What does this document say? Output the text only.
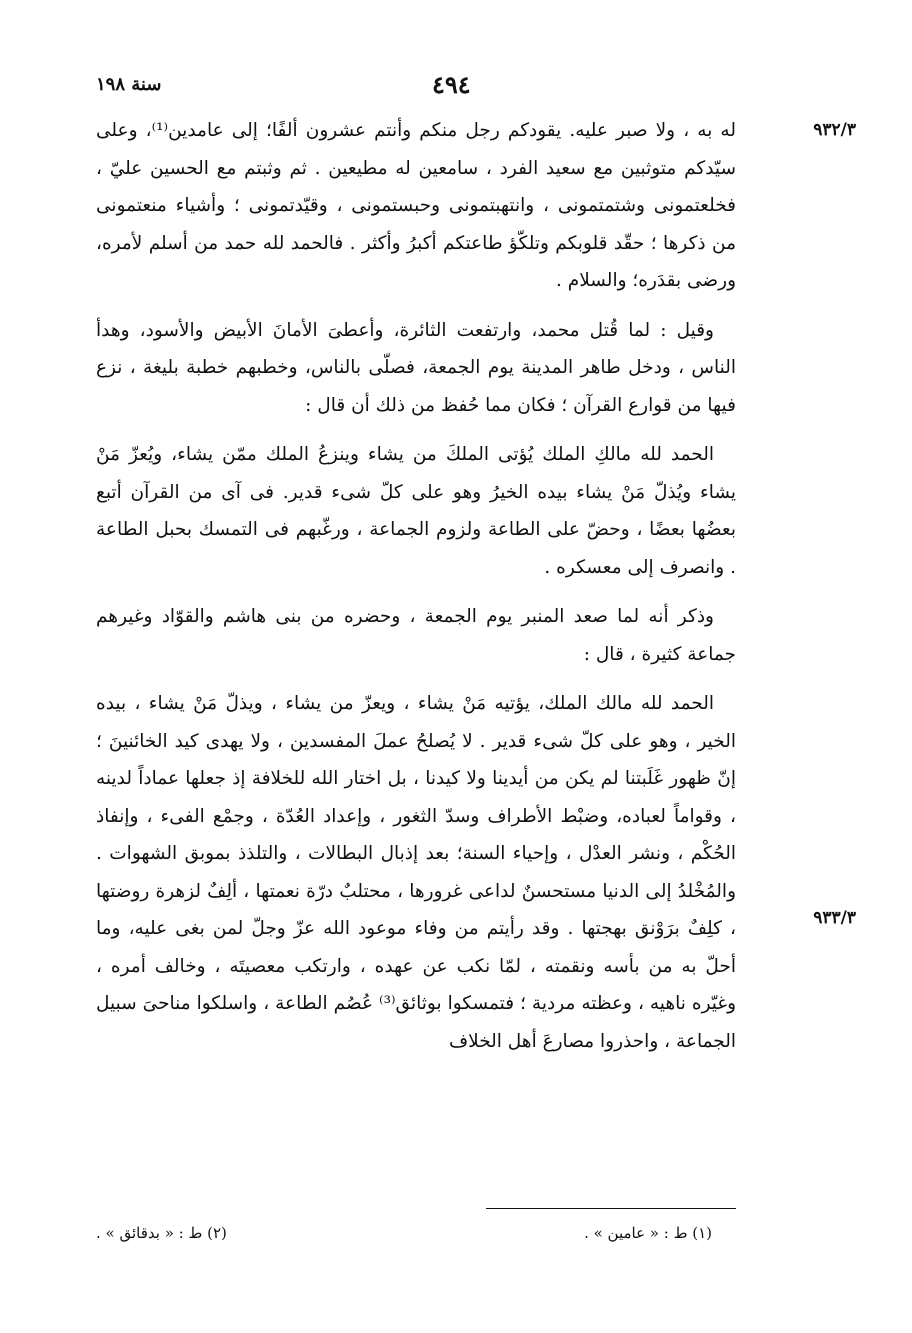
سنة ١٩٨	٤٩٤
٩٣٢/٣
٩٣٣/٣

له به ، ولا صبر عليه. يقودكم رجل منكم وأنتم عشرون ألفًا؛ إلى عامدين⁽¹⁾، وعلى سيّدكم متوثبين مع سعيد الفرد ، سامعين له مطيعين . ثم وثبتم مع الحسين عليّ ، فخلعتمونى وشتمتمونى ، وانتهبتمونى وحبستمونى ، وقيّدتمونى ؛ وأشياء منعتمونى من ذكرها ؛ حقّد قلوبكم وتلكّؤ طاعتكم أكبرُ وأكثر . فالحمد لله حمد من أسلم لأمره، ورضى بقدَره؛ والسلام .

وقيل : لما قُتل محمد، وارتفعت الثائرة، وأعطىَ الأمانَ الأبيض والأسود، وهدأ الناس ، ودخل طاهر المدينة يوم الجمعة، فصلّى بالناس، وخطبهم خطبة بليغة ، نزع فيها من قوارع القرآن ؛ فكان مما حُفظ من ذلك أن قال :

الحمد لله مالكِ الملك يُؤتى الملكَ من يشاء وينزعُ الملك ممّن يشاء، ويُعزّ مَنْ يشاء ويُذلّ مَنْ يشاء بيده الخيرُ وهو على كلّ شىء قدير. فى آى من القرآن أتبع بعضُها بعضًا ، وحضّ على الطاعة ولزوم الجماعة ، ورغّبهم فى التمسك بحبل الطاعة . وانصرف إلى معسكره .

وذكر أنه لما صعد المنبر يوم الجمعة ، وحضره من بنى هاشم والقوّاد وغيرهم جماعة كثيرة ، قال :

الحمد لله مالك الملك، يؤتيه مَنْ يشاء ، ويعزّ من يشاء ، ويذلّ مَنْ يشاء ، بيده الخير ، وهو على كلّ شىء قدير . لا يُصلحُ عملَ المفسدين ، ولا يهدى كيد الخائنينَ ؛ إنّ ظهور غَلَبتنا لم يكن من أيدينا ولا كيدنا ، بل اختار الله للخلافة إذ جعلها عماداً لدينه ، وقواماً لعباده، وضبْط الأطراف وسدّ الثغور ، وإعداد العُدّة ، وجمْع الفىء ، وإنفاذ الحُكْم ، ونشر العدْل ، وإحياء السنة؛ بعد إذبال البطالات ، والتلذذ بموبق الشهوات . والمُخْلدُ إلى الدنيا مستحسنٌ لداعى غرورها ، محتلبٌ درّة نعمتها ، ألِفٌ لزهرة روضتها ، كلِفٌ برَوْنق بهجتها . وقد رأيتم من وفاء موعود الله عزّ وجلّ لمن بغى عليه، وما أحلّ به من بأسه ونقمته ، لمّا نكب عن عهده ، وارتكب معصيتَه ، وخالف أمره ، وغيّره ناهيه ، وعظته مردية ؛ فتمسكوا بوثائق⁽³⁾ عُصُم الطاعة ، واسلكوا مناحىَ سبيل الجماعة ، واحذروا مصارعَ أهل الخلاف

(١) ط : « عامين » .
(٢) ط : « بدقائق » .
